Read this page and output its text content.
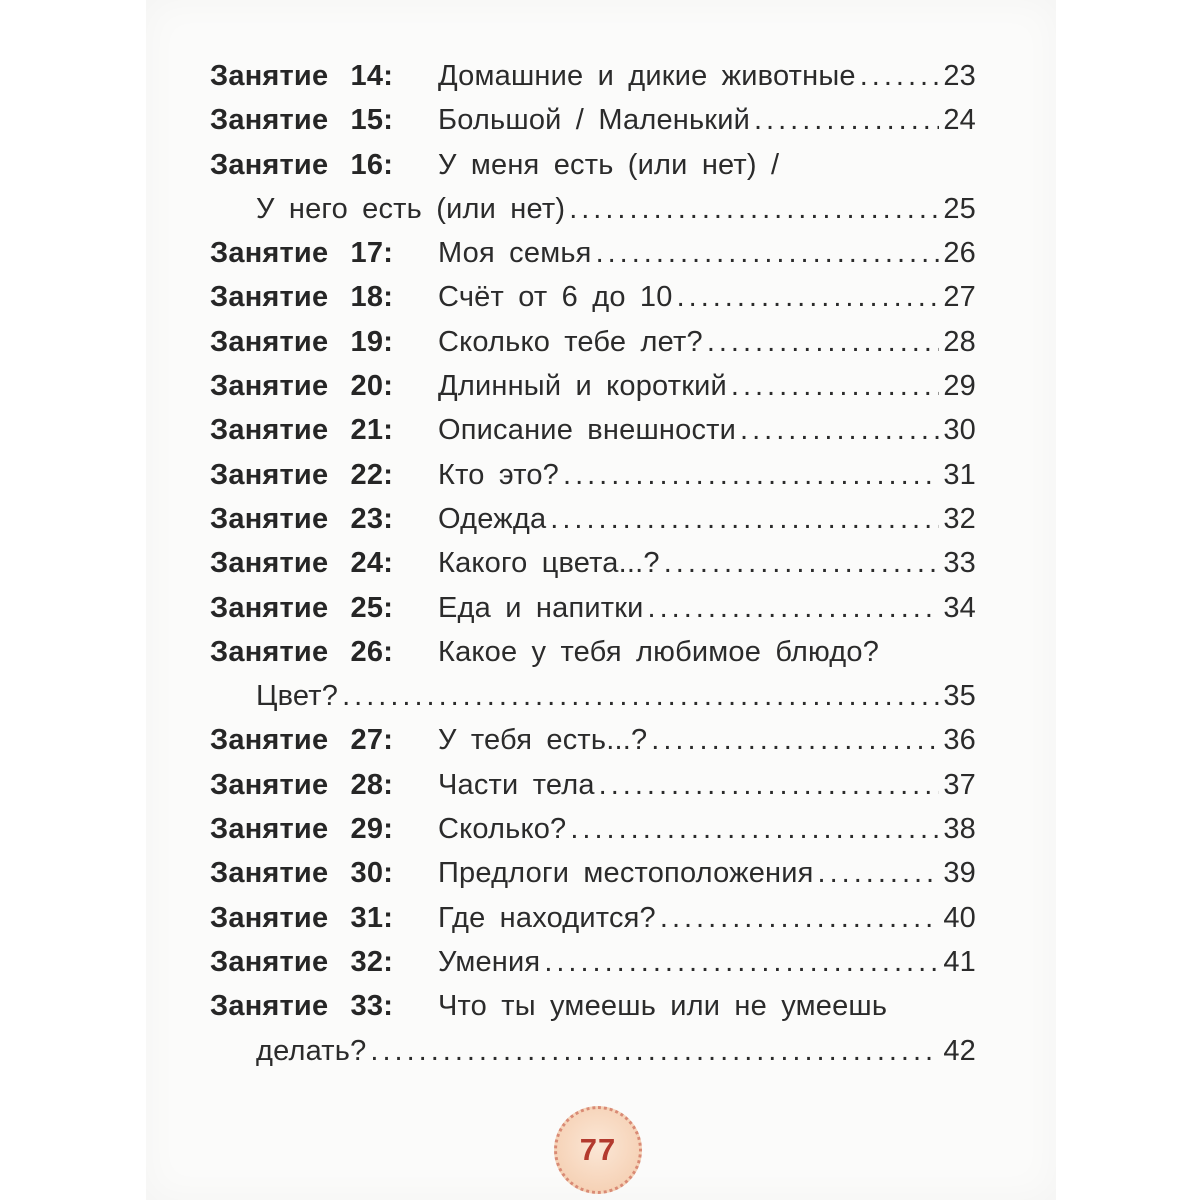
Занятие 14:	Домашние и дикие животные .....	23
Занятие 15:	Большой / Маленький .....	24
Занятие 16:	У меня есть (или нет) /
У него есть (или нет) .....	25
Занятие 17:	Моя семья .....	26
Занятие 18:	Счёт от 6 до 10 .....	27
Занятие 19:	Сколько тебе лет? .....	28
Занятие 20:	Длинный и короткий .....	29
Занятие 21:	Описание внешности .....	30
Занятие 22:	Кто это? .....	31
Занятие 23:	Одежда .....	32
Занятие 24:	Какого цвета...? .....	33
Занятие 25:	Еда и напитки .....	34
Занятие 26:	Какое у тебя любимое блюдо?
Цвет? .....	35
Занятие 27:	У тебя есть...? .....	36
Занятие 28:	Части тела .....	37
Занятие 29:	Сколько? .....	38
Занятие 30:	Предлоги местоположения .....	39
Занятие 31:	Где находится? .....	40
Занятие 32:	Умения .....	41
Занятие 33:	Что ты умеешь или не умеешь
делать? .....	42
77
